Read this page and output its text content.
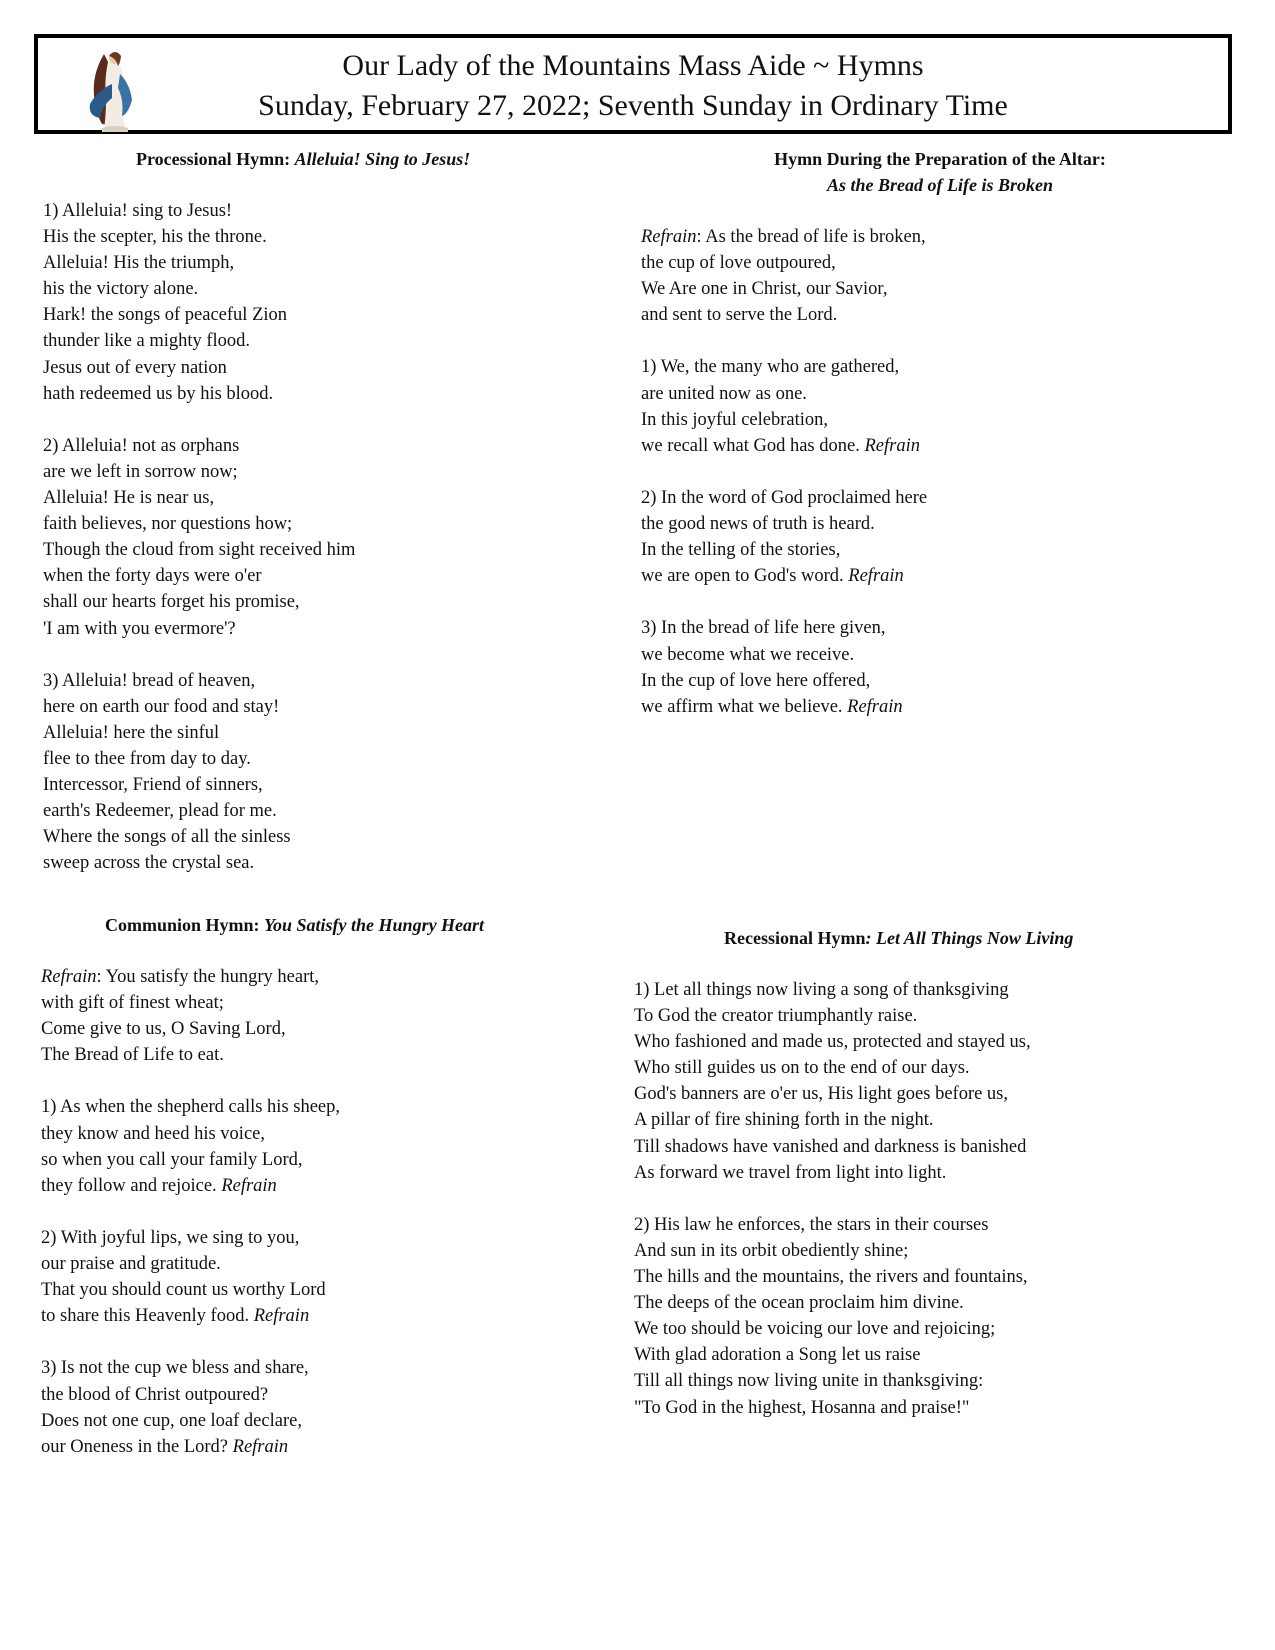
Our Lady of the Mountains Mass Aide ~ Hymns
Sunday, February 27, 2022; Seventh Sunday in Ordinary Time
Processional Hymn: Alleluia! Sing to Jesus!
1) Alleluia! sing to Jesus!
His the scepter, his the throne.
Alleluia! His the triumph,
his the victory alone.
Hark! the songs of peaceful Zion
thunder like a mighty flood.
Jesus out of every nation
hath redeemed us by his blood.
2) Alleluia! not as orphans
are we left in sorrow now;
Alleluia! He is near us,
faith believes, nor questions how;
Though the cloud from sight received him
when the forty days were o'er
shall our hearts forget his promise,
'I am with you evermore'?
3) Alleluia! bread of heaven,
here on earth our food and stay!
Alleluia! here the sinful
flee to thee from day to day.
Intercessor, Friend of sinners,
earth's Redeemer, plead for me.
Where the songs of all the sinless
sweep across the crystal sea.
Hymn During the Preparation of the Altar:
As the Bread of Life is Broken
Refrain: As the bread of life is broken,
the cup of love outpoured,
We Are one in Christ, our Savior,
and sent to serve the Lord.
1) We, the many who are gathered,
are united now as one.
In this joyful celebration,
we recall what God has done. Refrain
2) In the word of God proclaimed here
the good news of truth is heard.
In the telling of the stories,
we are open to God's word. Refrain
3) In the bread of life here given,
we become what we receive.
In the cup of love here offered,
we affirm what we believe. Refrain
Communion Hymn: You Satisfy the Hungry Heart
Refrain: You satisfy the hungry heart,
with gift of finest wheat;
Come give to us, O Saving Lord,
The Bread of Life to eat.
1) As when the shepherd calls his sheep,
they know and heed his voice,
so when you call your family Lord,
they follow and rejoice. Refrain
2) With joyful lips, we sing to you,
our praise and gratitude.
That you should count us worthy Lord
to share this Heavenly food. Refrain
3) Is not the cup we bless and share,
the blood of Christ outpoured?
Does not one cup, one loaf declare,
our Oneness in the Lord? Refrain
Recessional Hymn: Let All Things Now Living
1) Let all things now living a song of thanksgiving
To God the creator triumphantly raise.
Who fashioned and made us, protected and stayed us,
Who still guides us on to the end of our days.
God's banners are o'er us, His light goes before us,
A pillar of fire shining forth in the night.
Till shadows have vanished and darkness is banished
As forward we travel from light into light.
2) His law he enforces, the stars in their courses
And sun in its orbit obediently shine;
The hills and the mountains, the rivers and fountains,
The deeps of the ocean proclaim him divine.
We too should be voicing our love and rejoicing;
With glad adoration a Song let us raise
Till all things now living unite in thanksgiving:
"To God in the highest, Hosanna and praise!"
